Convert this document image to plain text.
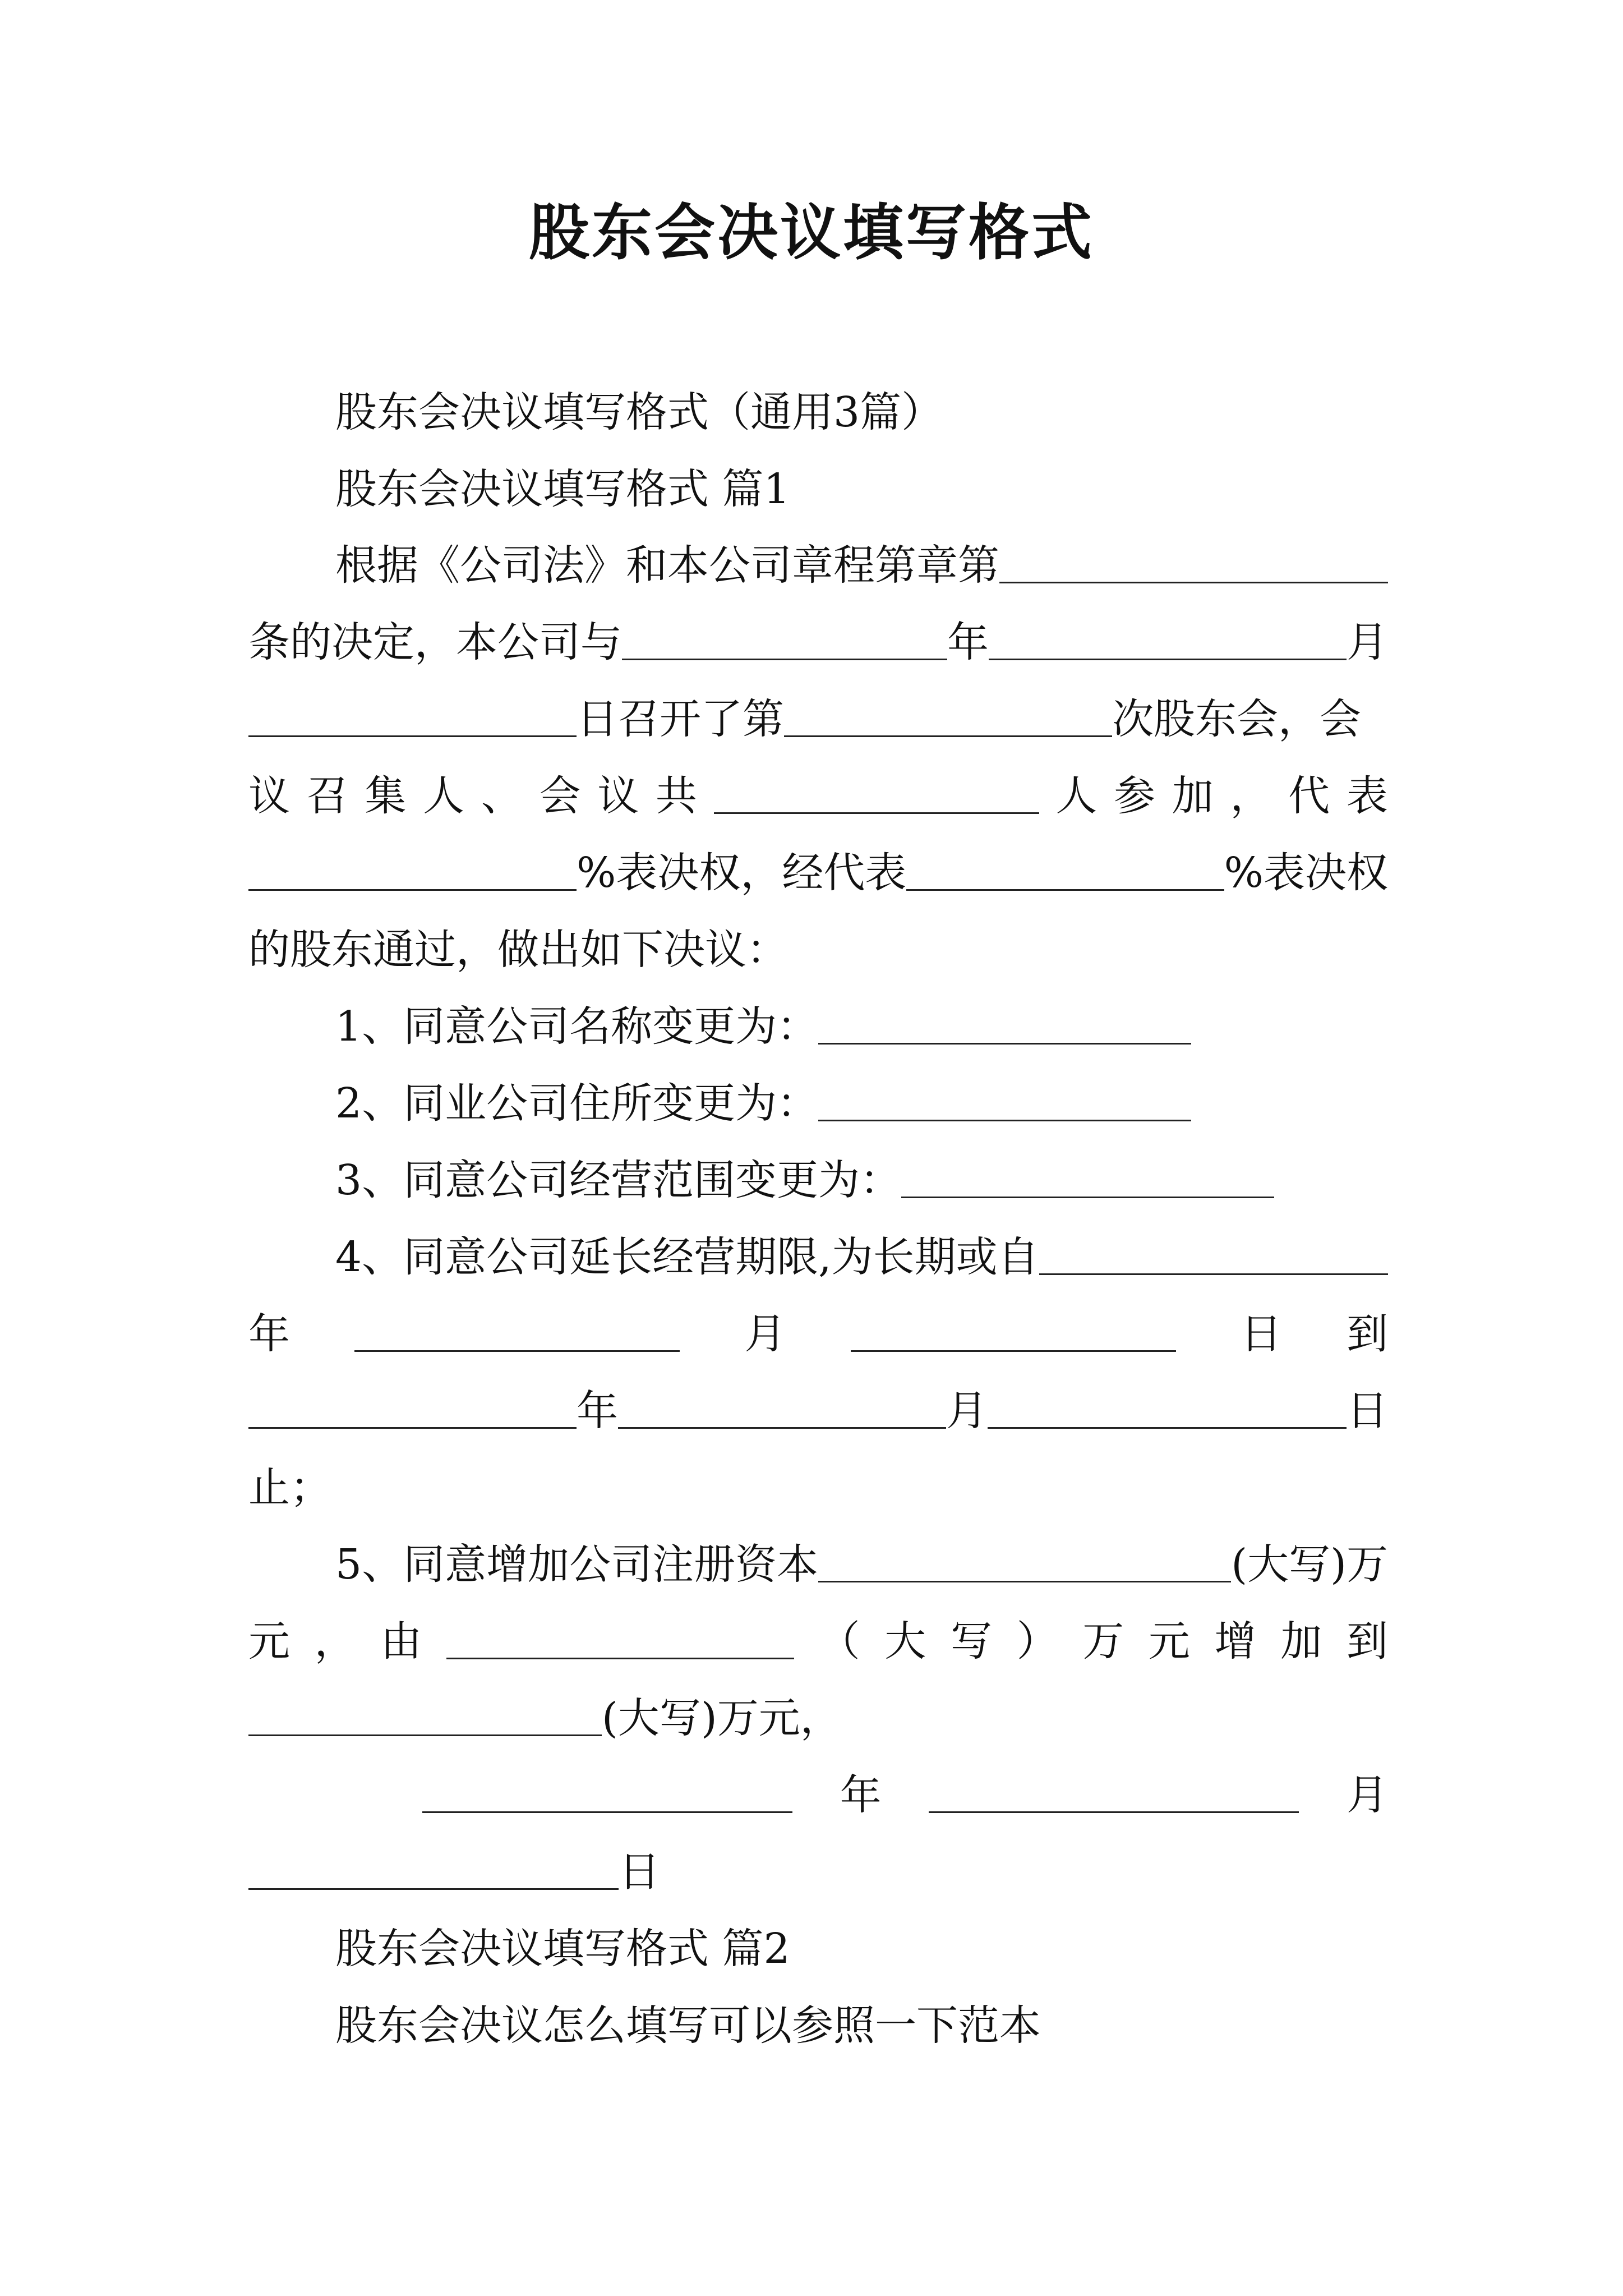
股东会决议填写格式
股东会决议填写格式（通用3篇）
股东会决议填写格式 篇1
根据《公司法》和本公司章程第章第
条的决定，本公司与	年	月
日召开了第	次股东会，会
议 召 集 人 、 会 议 共	人 参 加 ， 代 表
%表决权，经代表	%表决权
的股东通过，做出如下决议：
1、同意公司名称变更为：
2、同业公司住所变更为：
3、同意公司经营范围变更为：
4、同意公司延长经营期限,为长期或自
年	月	日 到
年	月	日
止；
5、同意增加公司注册资本	(大写)万
元 ， 由	（ 大 写 ） 万 元 增 加 到
(大写)万元，
年	月
日
股东会决议填写格式 篇2
股东会决议怎么填写可以参照一下范本
